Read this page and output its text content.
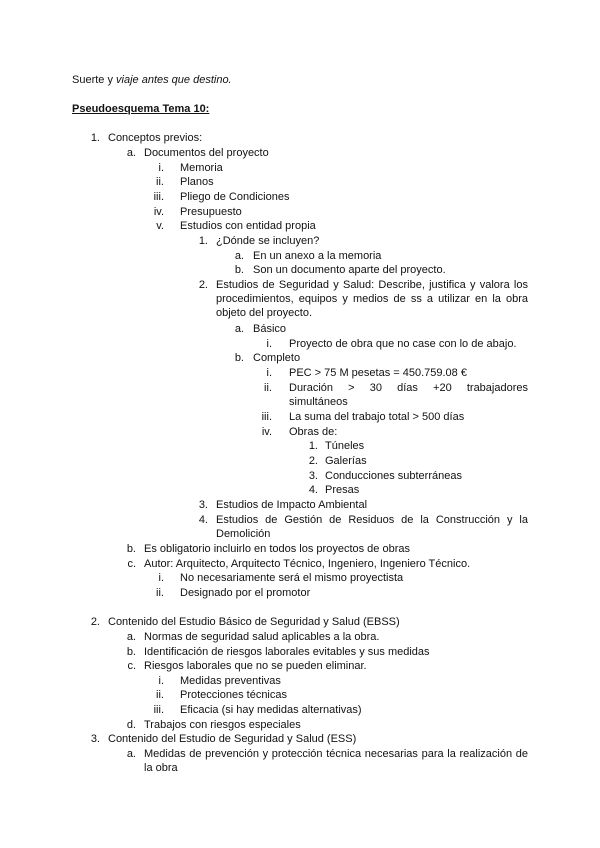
Suerte y viaje antes que destino.
Pseudoesquema Tema 10:
1. Conceptos previos:
a. Documentos del proyecto
i. Memoria
ii. Planos
iii. Pliego de Condiciones
iv. Presupuesto
v. Estudios con entidad propia
1. ¿Dónde se incluyen?
a. En un anexo a la memoria
b. Son un documento aparte del proyecto.
2. Estudios de Seguridad y Salud: Describe, justifica y valora los procedimientos, equipos y medios de ss a utilizar en la obra objeto del proyecto.
a. Básico
i. Proyecto de obra que no case con lo de abajo.
b. Completo
i. PEC > 75 M pesetas = 450.759.08 €
ii. Duración > 30 días +20 trabajadores simultáneos
iii. La suma del trabajo total > 500 días
iv. Obras de:
1. Túneles
2. Galerías
3. Conducciones subterráneas
4. Presas
3. Estudios de Impacto Ambiental
4. Estudios de Gestión de Residuos de la Construcción y la Demolición
b. Es obligatorio incluirlo en todos los proyectos de obras
c. Autor: Arquitecto, Arquitecto Técnico, Ingeniero, Ingeniero Técnico.
i. No necesariamente será el mismo proyectista
ii. Designado por el promotor
2. Contenido del Estudio Básico de Seguridad y Salud (EBSS)
a. Normas de seguridad salud aplicables a la obra.
b. Identificación de riesgos laborales evitables y sus medidas
c. Riesgos laborales que no se pueden eliminar.
i. Medidas preventivas
ii. Protecciones técnicas
iii. Eficacia (si hay medidas alternativas)
d. Trabajos con riesgos especiales
3. Contenido del Estudio de Seguridad y Salud (ESS)
a. Medidas de prevención y protección técnica necesarias para la realización de la obra
